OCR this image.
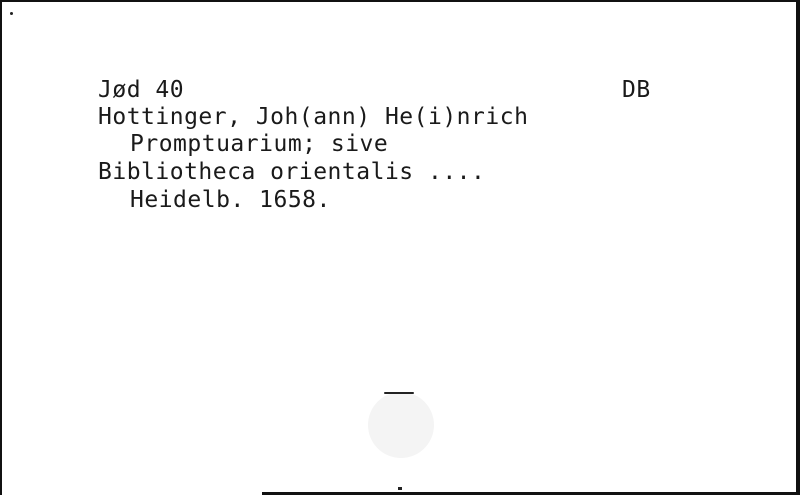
Jød 40	DB
Hottinger, Joh(ann) He(i)nrich
Promptuarium; sive
Bibliotheca orientalis ....
Heidelb. 1658.
